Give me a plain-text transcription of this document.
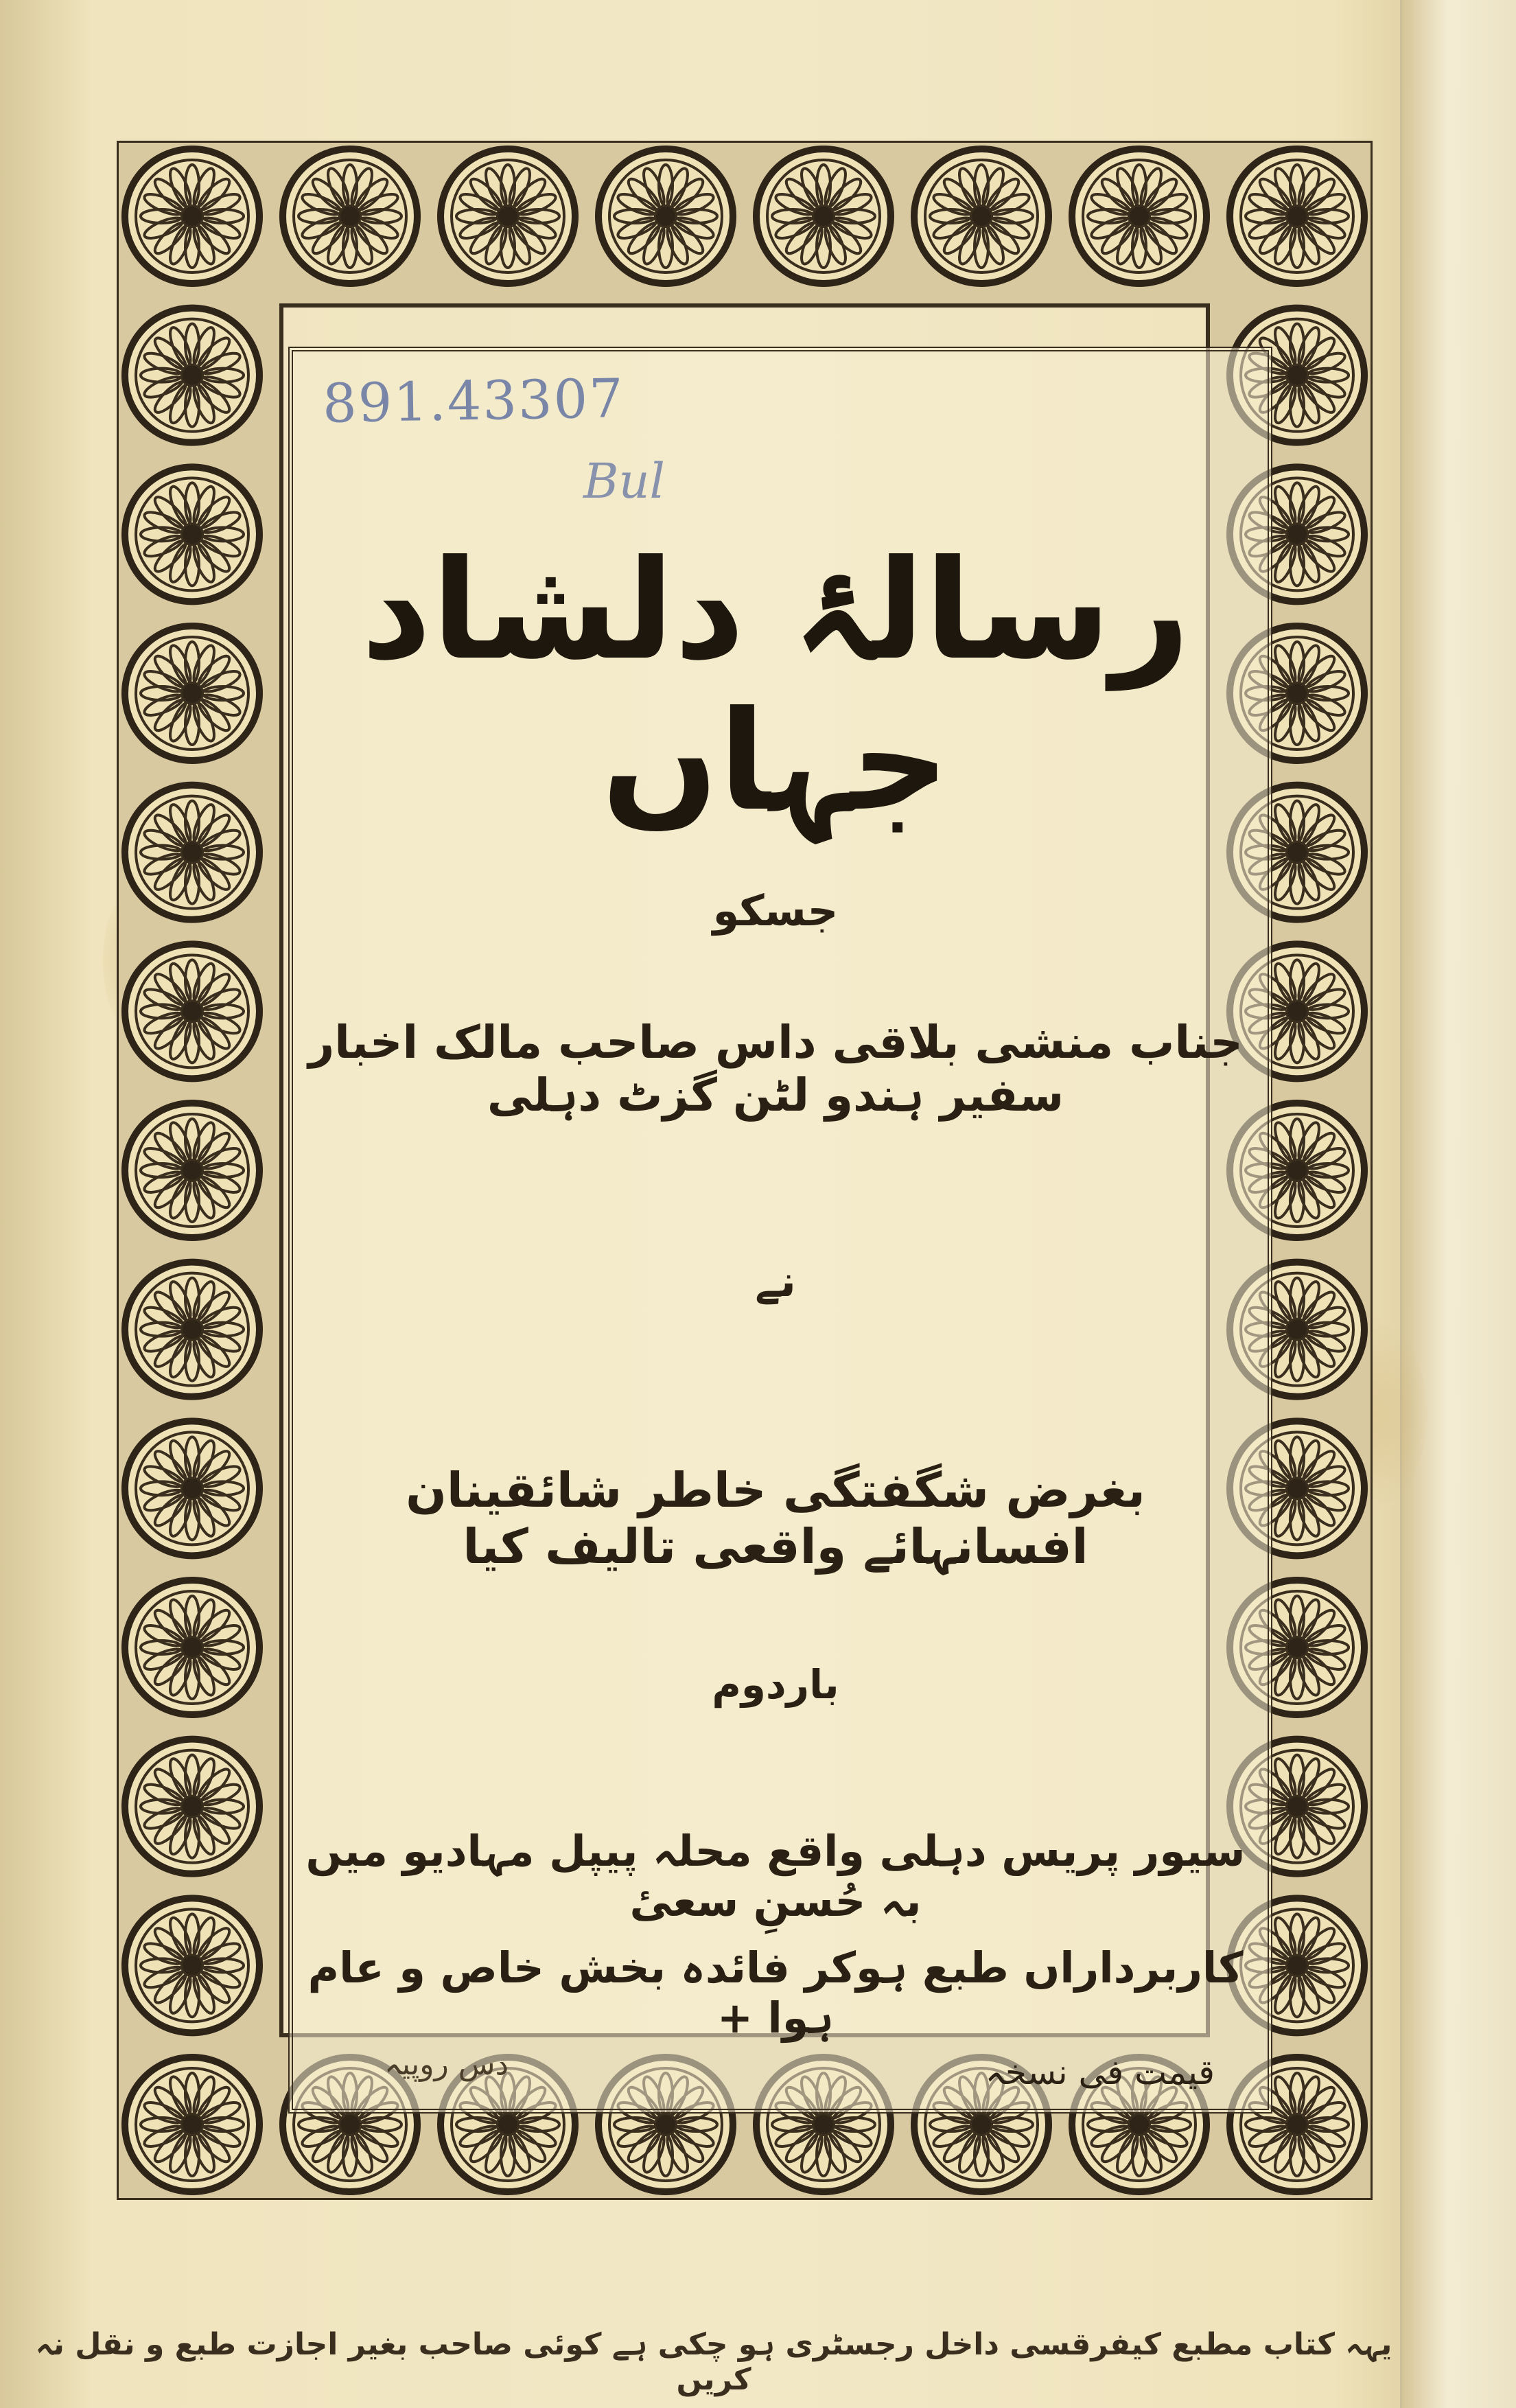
891.43307
Bul
رسالۂ دلشاد جہاں
جسکو
جناب منشی بلاقی داس صاحب مالک اخبار سفیر ہندو لٹن گزٹ دہلی
نے
بغرض شگفتگی خاطر شائقینان افسانہائے واقعی تالیف کیا
باردوم
سیور پریس دہلی واقع محلہ پیپل مہادیو میں بہ حُسنِ سعیٔ
کاربرداراں طبع ہوکر فائدہ بخش خاص و عام ہوا +
قیمت فی نسخہ
دس روپیہ
یہہ کتاب مطبع کیفرقسی داخل رجسٹری ہو چکی ہے کوئی صاحب بغیر اجازت طبع و نقل نہ کریں
